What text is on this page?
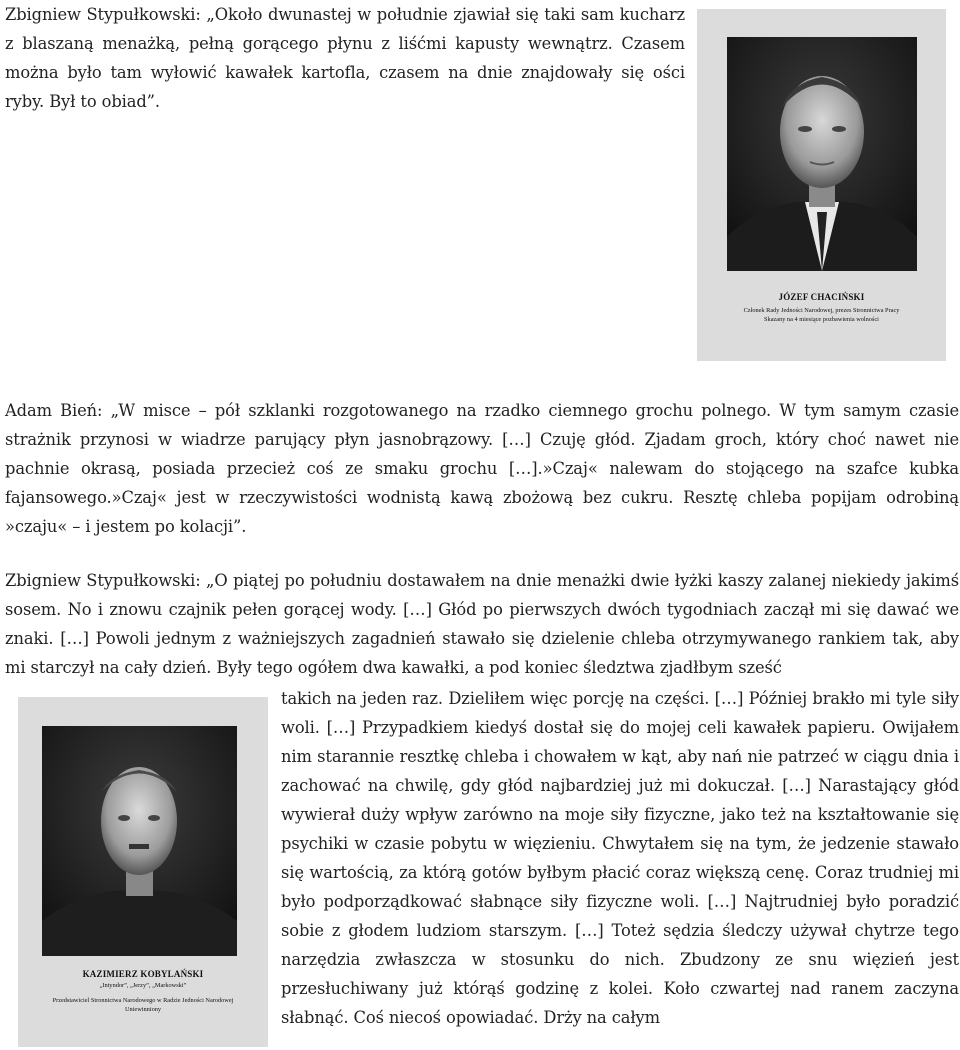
Zbigniew Stypułkowski: „Około dwunastej w południe zjawiał się taki sam kucharz z blaszaną menażką, pełną gorącego płynu z liśćmi kapusty wewnątrz. Czasem można było tam wyłowić kawałek kartofla, czasem na dnie znajdowały się ości ryby. Był to obiad”.

JÓZEF CHACIŃSKI
Członek Rady Jedności Narodowej, prezes Stronnictwa Pracy
Skazany na 4 miesiące pozbawienia wolności

Adam Bień: „W misce – pół szklanki rozgotowanego na rzadko ciemnego grochu polnego. W tym samym czasie strażnik przynosi w wiadrze parujący płyn jasnobrązowy. […] Czuję głód. Zjadam groch, który choć nawet nie pachnie okrasą, posiada przecież coś ze smaku grochu […].»Czaj« nalewam do stojącego na szafce kubka fajansowego.»Czaj« jest w rzeczywistości wodnistą kawą zbożową bez cukru. Resztę chleba popijam odrobiną »czaju« – i jestem po kolacji”.

Zbigniew Stypułkowski: „O piątej po południu dostawałem na dnie menażki dwie łyżki kaszy zalanej niekiedy jakimś sosem. No i znowu czajnik pełen gorącej wody. […] Głód po pierwszych dwóch tygodniach zaczął mi się dawać we znaki. […] Powoli jednym z ważniejszych zagadnień stawało się dzielenie chleba otrzymywanego rankiem tak, aby mi starczył na cały dzień. Były tego ogółem dwa kawałki, a pod koniec śledztwa zjadłbym sześć

KAZIMIERZ KOBYLAŃSKI
„Intyndor”, „Jerzy”, „Markowski”
Przedstawiciel Stronnictwa Narodowego w Radzie Jedności Narodowej
Uniewinniony

takich na jeden raz. Dzieliłem więc porcję na części. […] Później brakło mi tyle siły woli. […] Przypadkiem kiedyś dostał się do mojej celi kawałek papieru. Owijałem nim starannie resztkę chleba i chowałem w kąt, aby nań nie patrzeć w ciągu dnia i zachować na chwilę, gdy głód najbardziej już mi dokuczał. […] Narastający głód wywierał duży wpływ zarówno na moje siły fizyczne, jako też na kształtowanie się psychiki w czasie pobytu w więzieniu. Chwytałem się na tym, że jedzenie stawało się wartością, za którą gotów byłbym płacić coraz większą cenę. Coraz trudniej mi było podporządkować słabnące siły fizyczne woli. […] Najtrudniej było poradzić sobie z głodem ludziom starszym. […] Toteż sędzia śledczy używał chytrze tego narzędzia zwłaszcza w stosunku do nich. Zbudzony ze snu więzień jest przesłuchiwany już którąś godzinę z kolei. Koło czwartej nad ranem zaczyna słabnąć. Coś niecoś opowiadać. Drży na całym
